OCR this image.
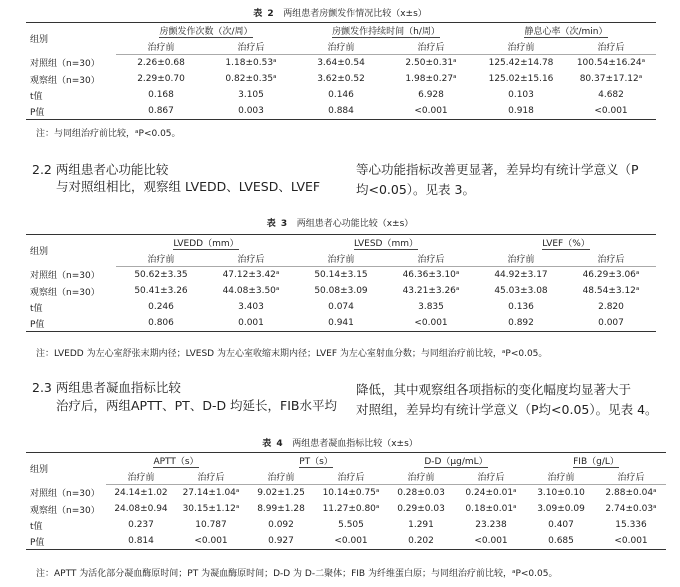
表 2 两组患者房颤发作情况比较（x±s）
组别	房颤发作次数（次/周）		房颤发作持续时间（h/周）		静息心率（次/min）	
	治疗前	治疗后	治疗前	治疗后	治疗前	治疗后
对照组（n=30）	2.26±0.68	1.18±0.53ᵃ	3.64±0.54	2.50±0.31ᵃ	125.42±14.78	100.54±16.24ᵃ
观察组（n=30）	2.29±0.70	0.82±0.35ᵃ	3.62±0.52	1.98±0.27ᵃ	125.02±15.16	80.37±17.12ᵃ
t值	0.168	3.105	0.146	6.928	0.103	4.682
P值	0.867	0.003	0.884	<0.001	0.918	<0.001
注：与同组治疗前比较，ᵃP<0.05。
2.2 两组患者心功能比较
与对照组相比，观察组 LVEDD、LVESD、LVEF
等心功能指标改善更显著，差异均有统计学意义（P
均<0.05）。见表 3。
表 3 两组患者心功能比较（x±s）
组别	LVEDD（mm）		LVESD（mm）		LVEF（%）	
	治疗前	治疗后	治疗前	治疗后	治疗前	治疗后
对照组（n=30）	50.62±3.35	47.12±3.42ᵃ	50.14±3.15	46.36±3.10ᵃ	44.92±3.17	46.29±3.06ᵃ
观察组（n=30）	50.41±3.26	44.08±3.50ᵃ	50.08±3.09	43.21±3.26ᵃ	45.03±3.08	48.54±3.12ᵃ
t值	0.246	3.403	0.074	3.835	0.136	2.820
P值	0.806	0.001	0.941	<0.001	0.892	0.007
注：LVEDD 为左心室舒张末期内径；LVESD 为左心室收缩末期内径；LVEF 为左心室射血分数；与同组治疗前比较，ᵃP<0.05。
2.3 两组患者凝血指标比较
治疗后，两组APTT、PT、D-D 均延长，FIB水平均
降低，其中观察组各项指标的变化幅度均显著大于
对照组，差异均有统计学意义（P均<0.05）。见表 4。
表 4 两组患者凝血指标比较（x±s）
组别	APTT（s）		PT（s）		D-D（μg/mL）		FIB（g/L）	
	治疗前	治疗后	治疗前	治疗后	治疗前	治疗后	治疗前	治疗后
对照组（n=30）	24.14±1.02	27.14±1.04ᵃ	9.02±1.25	10.14±0.75ᵃ	0.28±0.03	0.24±0.01ᵃ	3.10±0.10	2.88±0.04ᵃ
观察组（n=30）	24.08±0.94	30.15±1.12ᵃ	8.99±1.28	11.27±0.80ᵃ	0.29±0.03	0.18±0.01ᵃ	3.09±0.09	2.74±0.03ᵃ
t值	0.237	10.787	0.092	5.505	1.291	23.238	0.407	15.336
P值	0.814	<0.001	0.927	<0.001	0.202	<0.001	0.685	<0.001
注：APTT 为活化部分凝血酶原时间；PT 为凝血酶原时间；D-D 为 D-二聚体；FIB 为纤维蛋白原；与同组治疗前比较，ᵃP<0.05。
